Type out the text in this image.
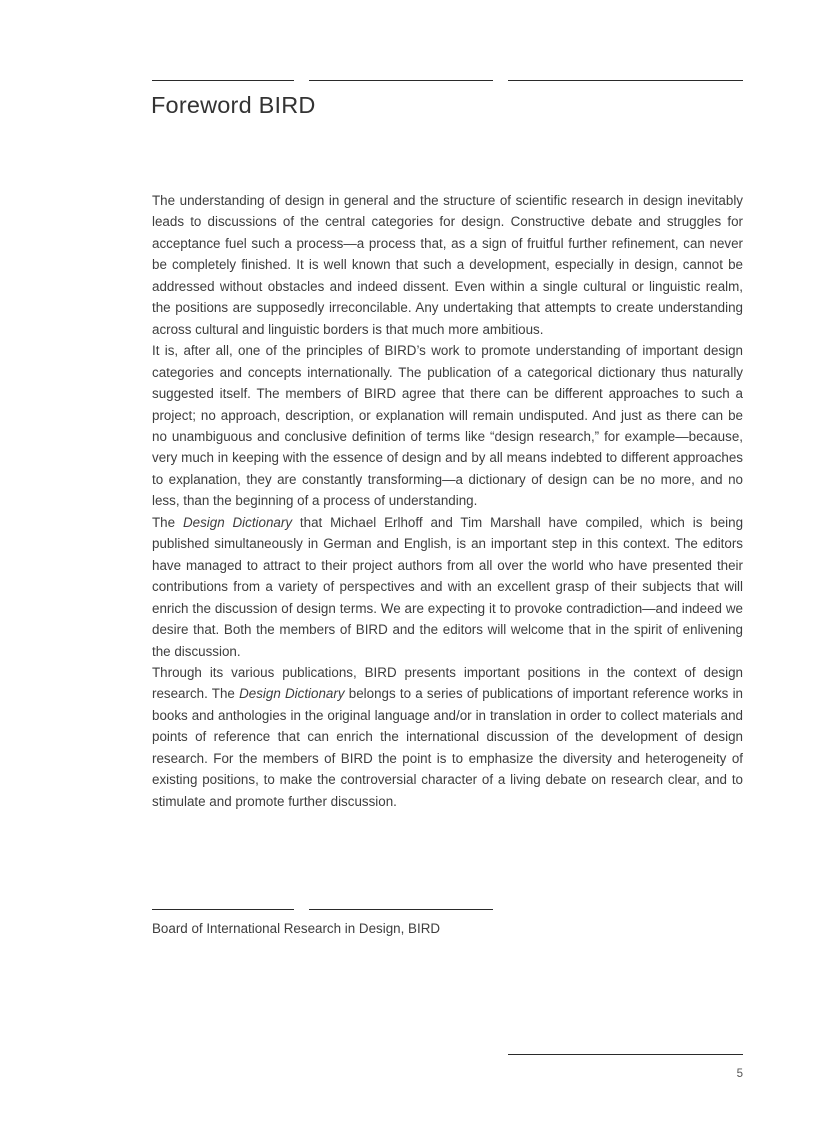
Foreword BIRD

The understanding of design in general and the structure of scientific research in design inevitably leads to discussions of the central categories for design. Constructive debate and struggles for acceptance fuel such a process—a process that, as a sign of fruitful further refinement, can never be completely finished. It is well known that such a development, especially in design, cannot be addressed without obstacles and indeed dissent. Even within a single cultural or linguistic realm, the positions are supposedly irreconcilable. Any undertaking that attempts to create understanding across cultural and linguistic borders is that much more ambitious.

It is, after all, one of the principles of BIRD’s work to promote understanding of important design categories and concepts internationally. The publication of a categorical dictionary thus naturally suggested itself. The members of BIRD agree that there can be different approaches to such a project; no approach, description, or explanation will remain undisputed. And just as there can be no unambiguous and conclusive definition of terms like “design research,” for example—because, very much in keeping with the essence of design and by all means indebted to different approaches to explanation, they are constantly transforming—a dictionary of design can be no more, and no less, than the beginning of a process of understanding.

The Design Dictionary that Michael Erlhoff and Tim Marshall have compiled, which is being published simultaneously in German and English, is an important step in this context. The editors have managed to attract to their project authors from all over the world who have presented their contributions from a variety of perspectives and with an excellent grasp of their subjects that will enrich the discussion of design terms. We are expecting it to provoke contradiction—and indeed we desire that. Both the members of BIRD and the editors will welcome that in the spirit of enlivening the discussion.

Through its various publications, BIRD presents important positions in the context of design research. The Design Dictionary belongs to a series of publications of important reference works in books and anthologies in the original language and/or in translation in order to collect materials and points of reference that can enrich the international discussion of the development of design research. For the members of BIRD the point is to emphasize the diversity and heterogeneity of existing positions, to make the controversial character of a living debate on research clear, and to stimulate and promote further discussion.

Board of International Research in Design, BIRD
5
